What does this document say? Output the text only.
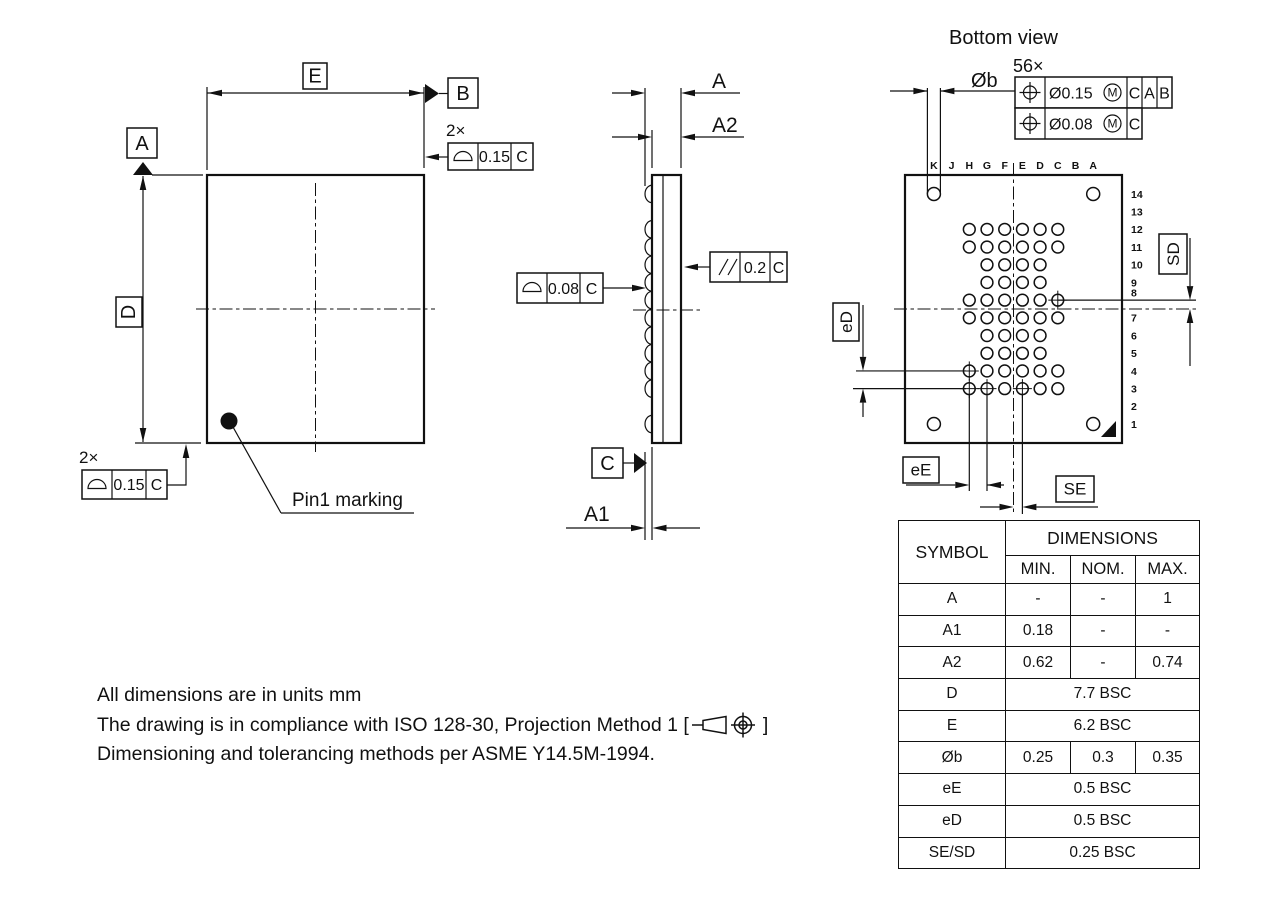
E
B
A
D
2×
0.15 C
2×
0.15 C
Pin1 marking
A
A2
0.2 C
0.08 C
C
A1
Bottom view
K J H G F E D C B A
14
13
12
11
10
9
8
7
6
5
4
3
2
1
Øb
56×
Ø0.15 M C A B
Ø0.08 M C
SD
eD
eE
SE
SYMBOL	DIMENSIONS		
	MIN.	NOM.	MAX.
A	-	-	1
A1	0.18	-	-
A2	0.62	-	0.74
D	7.7 BSC		
E	6.2 BSC		
Øb	0.25	0.3	0.35
eE	0.5 BSC		
eD	0.5 BSC		
SE/SD	0.25 BSC		
All dimensions are in units mm
The drawing is in compliance with ISO 128-30, Projection Method 1 [	]
Dimensioning and tolerancing methods per ASME Y14.5M-1994.
